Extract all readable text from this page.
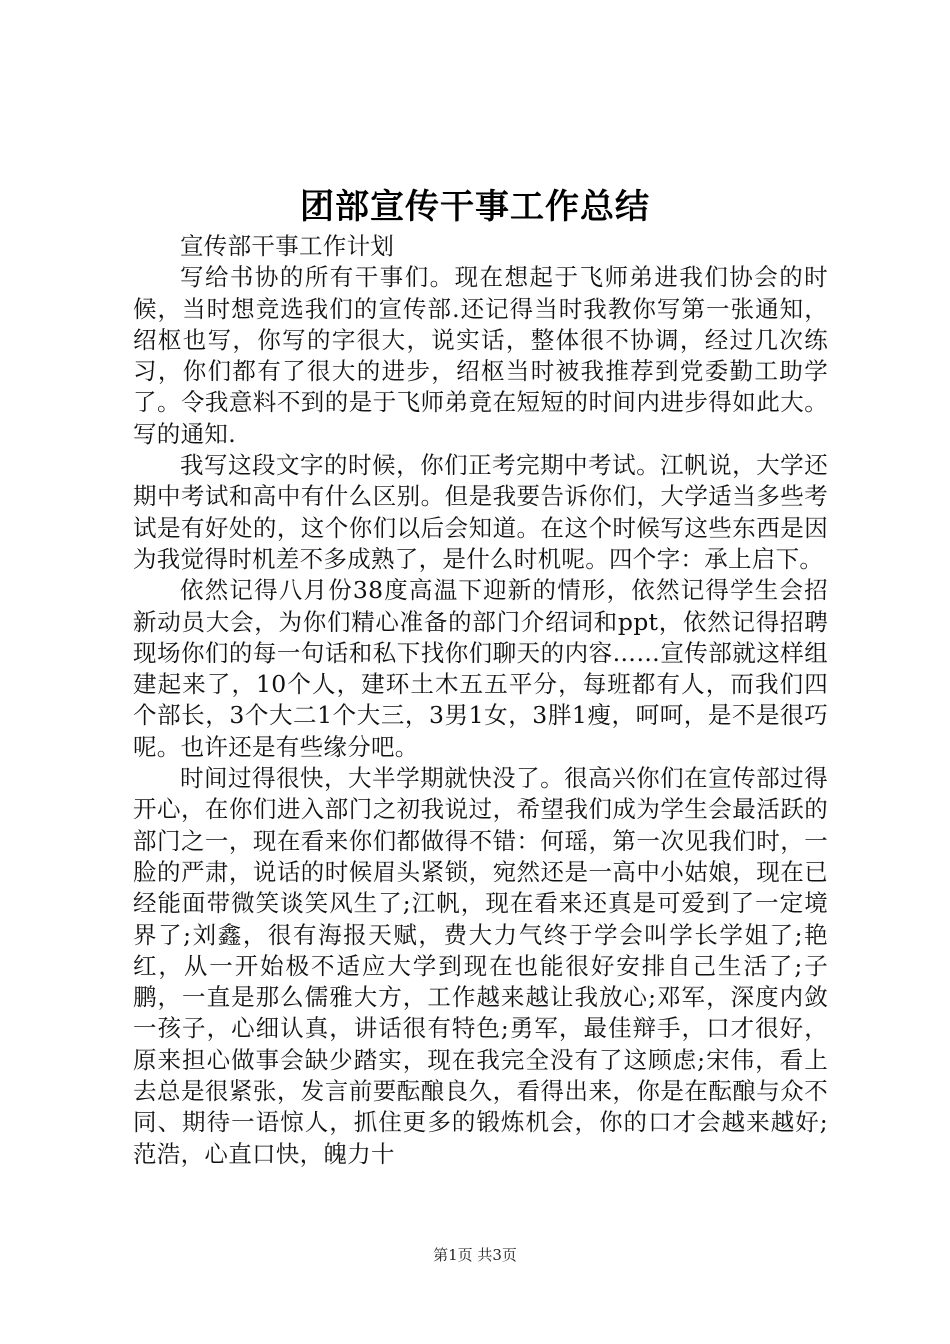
团部宣传干事工作总结

宣传部干事工作计划

写给书协的所有干事们。现在想起于飞师弟进我们协会的时候，当时想竞选我们的宣传部.还记得当时我教你写第一张通知，绍枢也写，你写的字很大，说实话，整体很不协调，经过几次练习，你们都有了很大的进步，绍枢当时被我推荐到党委勤工助学了。令我意料不到的是于飞师弟竟在短短的时间内进步得如此大。写的通知.

我写这段文字的时候，你们正考完期中考试。江帆说，大学还期中考试和高中有什么区别。但是我要告诉你们，大学适当多些考试是有好处的，这个你们以后会知道。在这个时候写这些东西是因为我觉得时机差不多成熟了，是什么时机呢。四个字：承上启下。

依然记得八月份38度高温下迎新的情形，依然记得学生会招新动员大会，为你们精心准备的部门介绍词和ppt，依然记得招聘现场你们的每一句话和私下找你们聊天的内容……宣传部就这样组建起来了，10个人，建环土木五五平分，每班都有人，而我们四个部长，3个大二1个大三，3男1女，3胖1瘦，呵呵，是不是很巧呢。也许还是有些缘分吧。

时间过得很快，大半学期就快没了。很高兴你们在宣传部过得开心，在你们进入部门之初我说过，希望我们成为学生会最活跃的部门之一，现在看来你们都做得不错：何瑶，第一次见我们时，一脸的严肃，说话的时候眉头紧锁，宛然还是一高中小姑娘，现在已经能面带微笑谈笑风生了;江帆，现在看来还真是可爱到了一定境界了;刘鑫，很有海报天赋，费大力气终于学会叫学长学姐了;艳红，从一开始极不适应大学到现在也能很好安排自己生活了;子鹏，一直是那么儒雅大方，工作越来越让我放心;邓军，深度内敛一孩子，心细认真，讲话很有特色;勇军，最佳辩手，口才很好，原来担心做事会缺少踏实，现在我完全没有了这顾虑;宋伟，看上去总是很紧张，发言前要酝酿良久，看得出来，你是在酝酿与众不同、期待一语惊人，抓住更多的锻炼机会，你的口才会越来越好;范浩，心直口快，魄力十

第1页 共3页
